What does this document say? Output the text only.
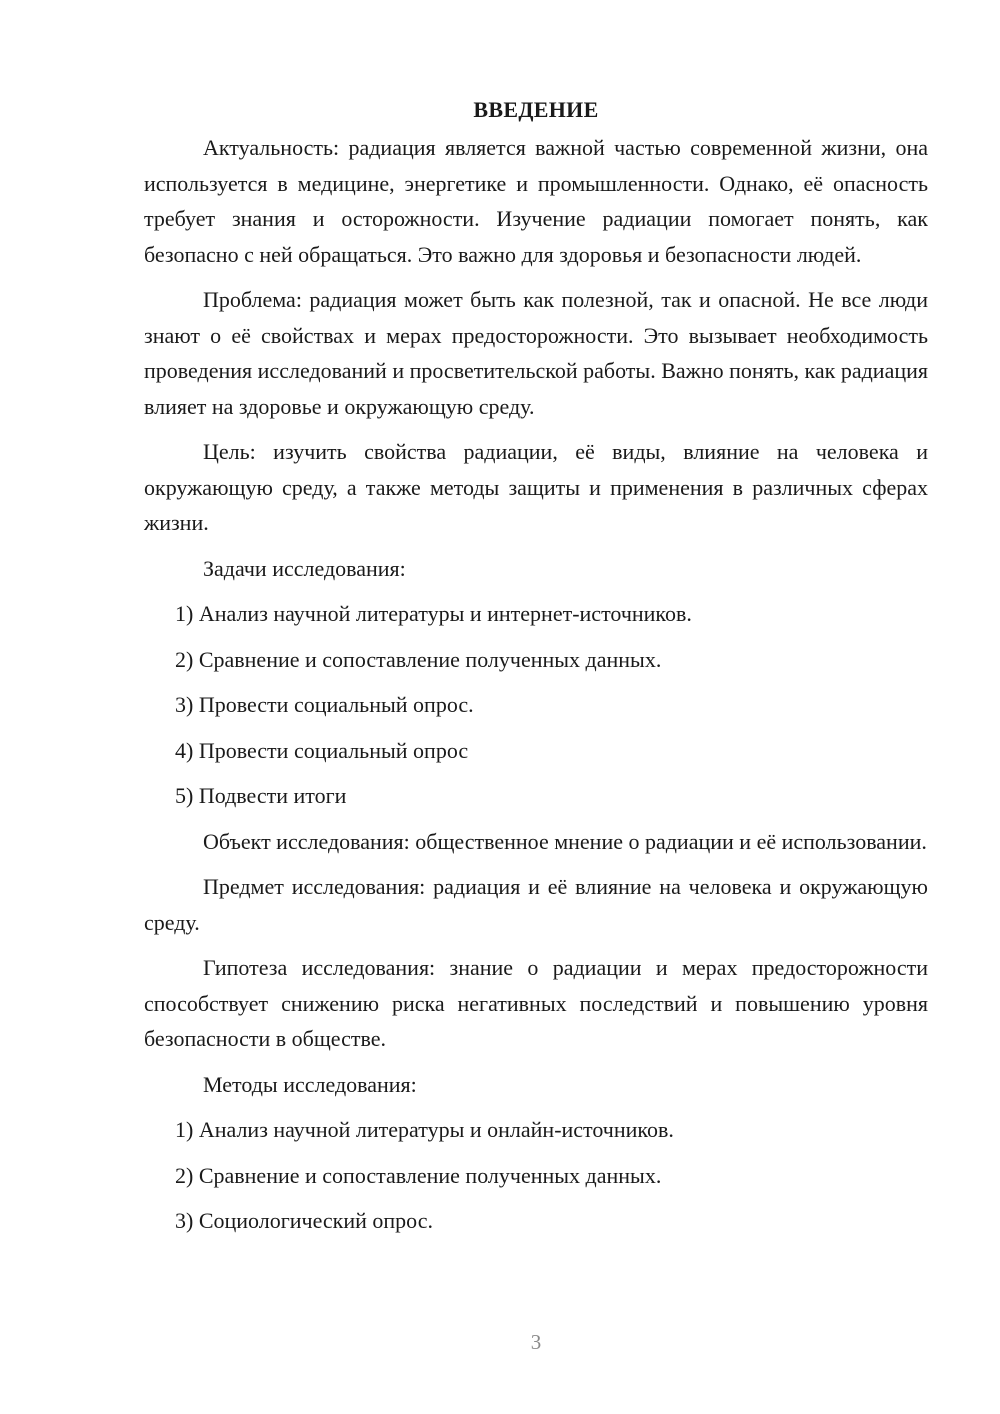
ВВЕДЕНИЕ

Актуальность: радиация является важной частью современной жизни, она используется в медицине, энергетике и промышленности. Однако, её опасность требует знания и осторожности. Изучение радиации помогает понять, как безопасно с ней обращаться. Это важно для здоровья и безопасности людей.

Проблема: радиация может быть как полезной, так и опасной. Не все люди знают о её свойствах и мерах предосторожности. Это вызывает необходимость проведения исследований и просветительской работы. Важно понять, как радиация влияет на здоровье и окружающую среду.

Цель: изучить свойства радиации, её виды, влияние на человека и окружающую среду, а также методы защиты и применения в различных сферах жизни.

Задачи исследования:
1) Анализ научной литературы и интернет-источников.
2) Сравнение и сопоставление полученных данных.
3) Провести социальный опрос.
4) Провести социальный опрос
5) Подвести итоги

Объект исследования: общественное мнение о радиации и её использовании.

Предмет исследования: радиация и её влияние на человека и окружающую среду.

Гипотеза исследования: знание о радиации и мерах предосторожности способствует снижению риска негативных последствий и повышению уровня безопасности в обществе.

Методы исследования:
1) Анализ научной литературы и онлайн-источников.
2) Сравнение и сопоставление полученных данных.
3) Социологический опрос.
3
